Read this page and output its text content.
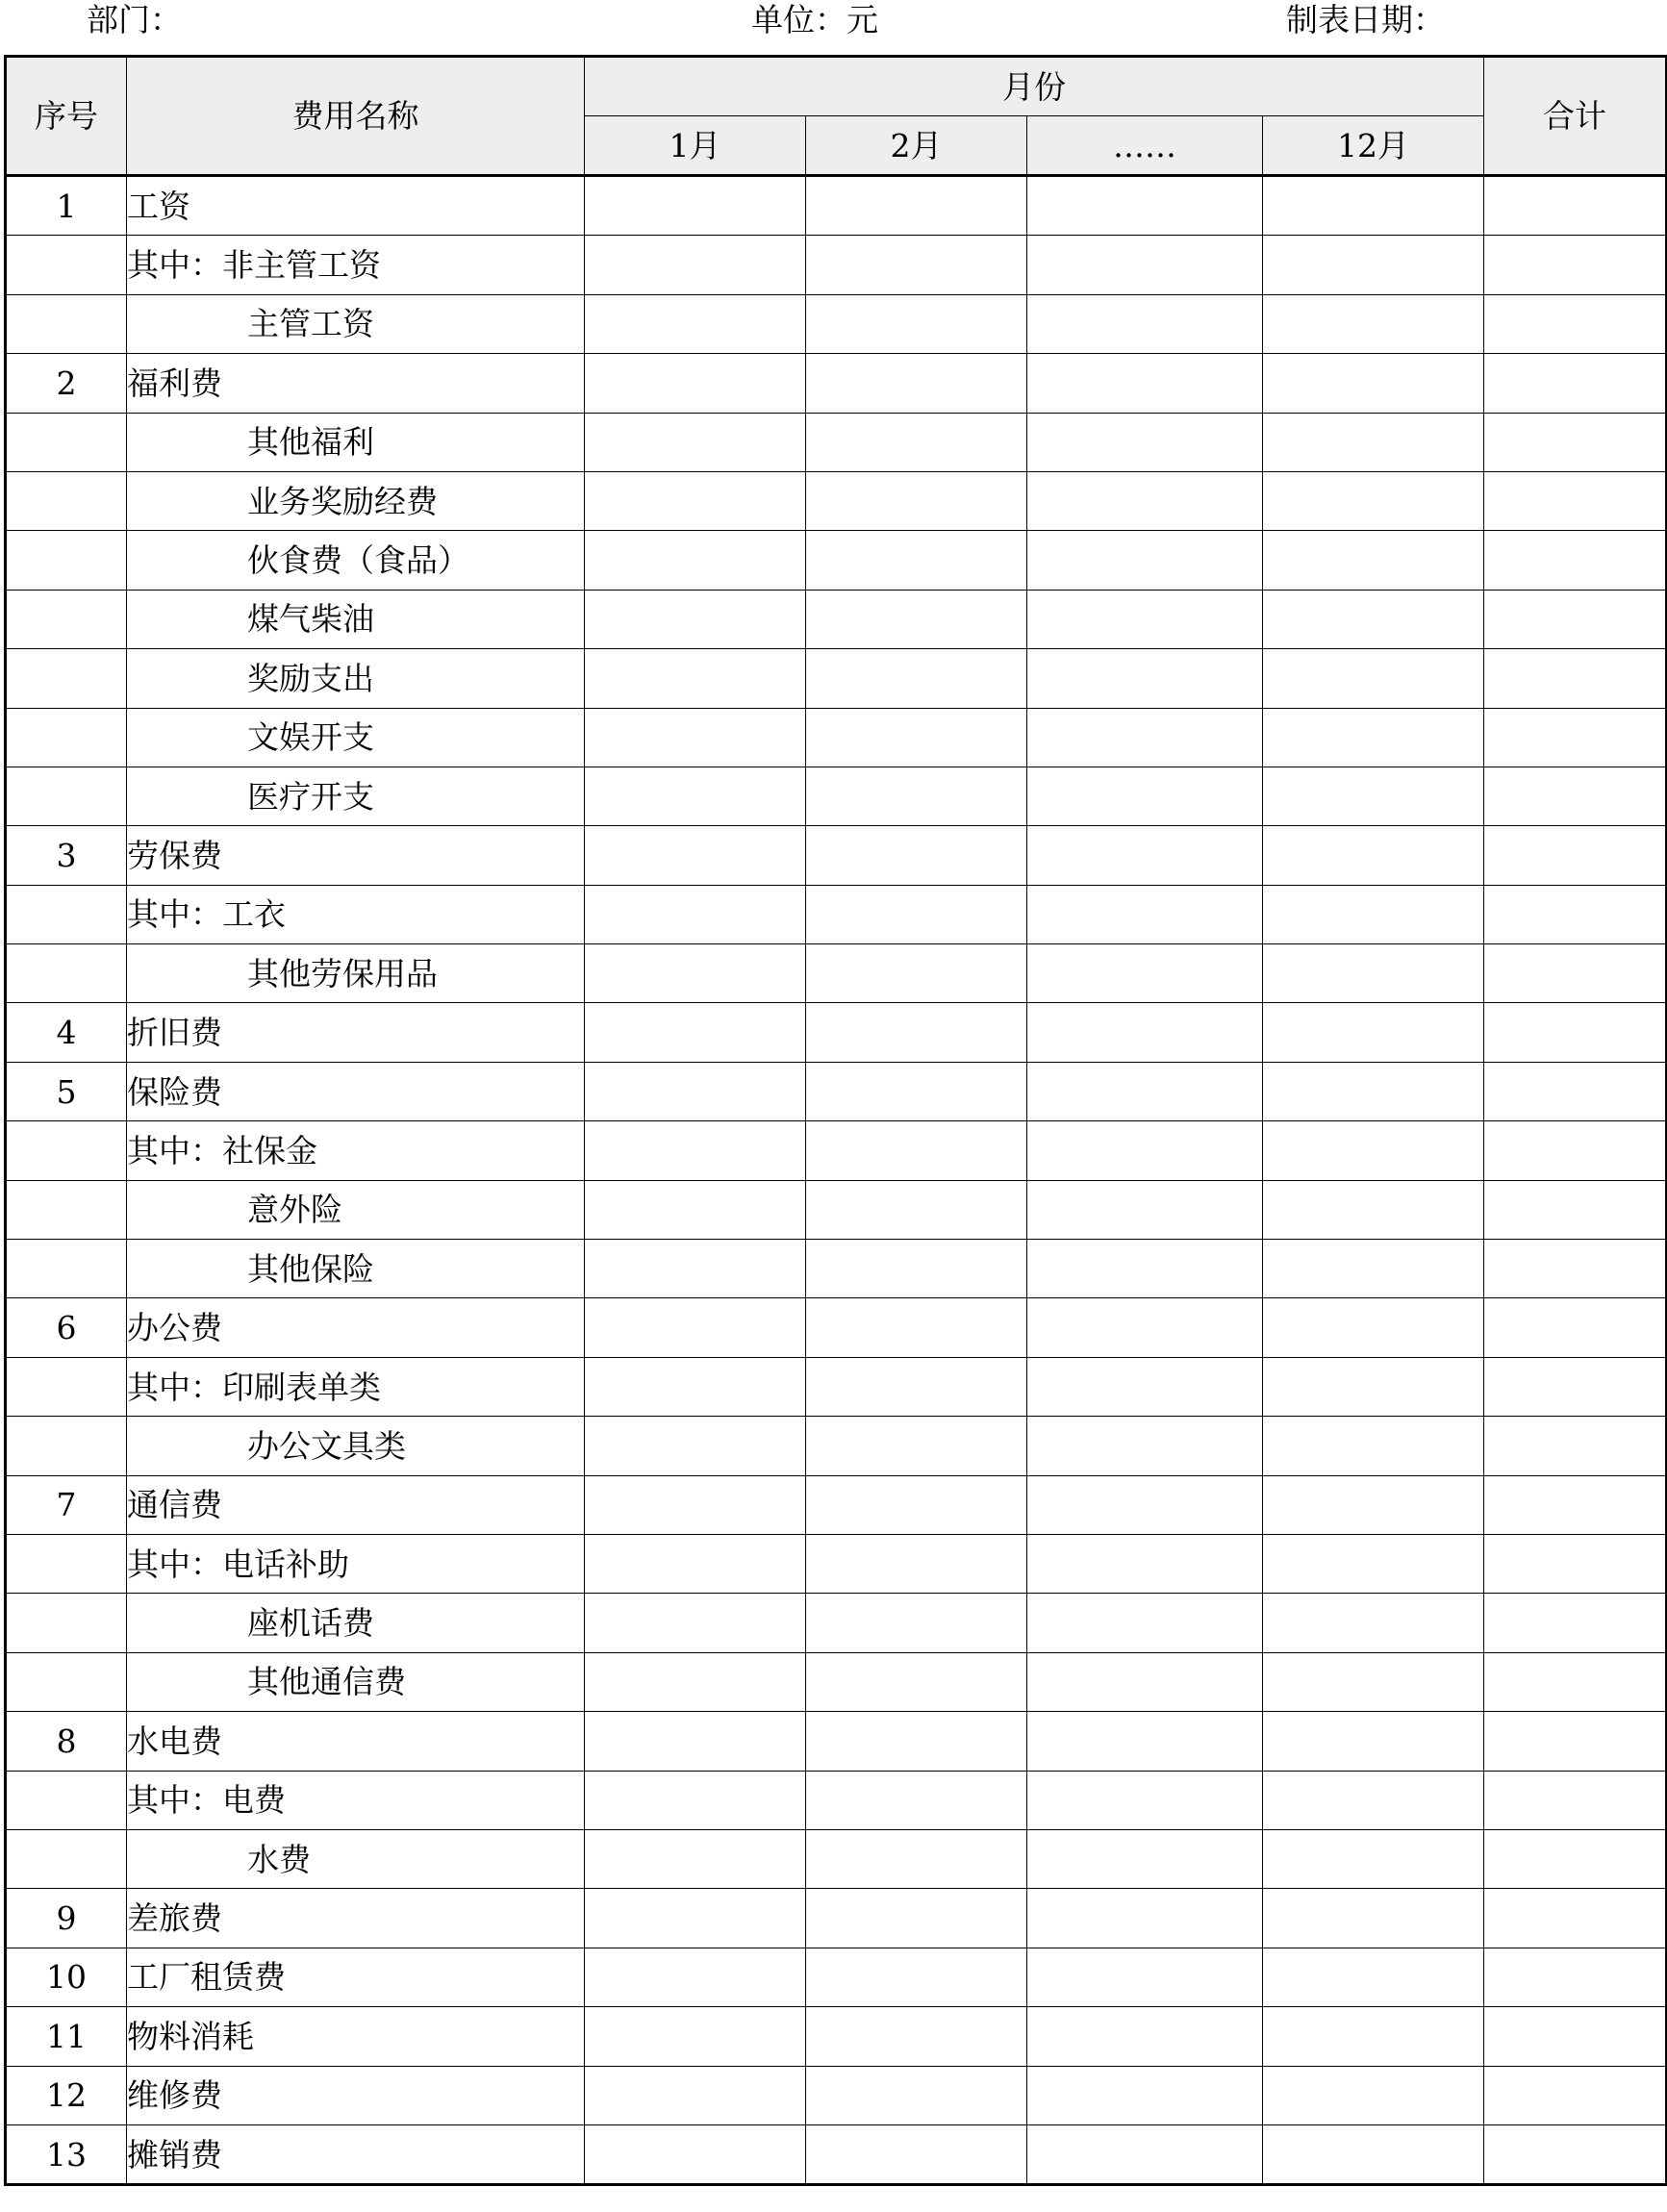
部门：	单位：元	制表日期：
序号	费用名称	月份				合计
		1月	2月	……	12月	
1	工资					
	其中：非主管工资					
	主管工资					
2	福利费					
	其他福利					
	业务奖励经费					
	伙食费（食品）					
	煤气柴油					
	奖励支出					
	文娱开支					
	医疗开支					
3	劳保费					
	其中：工衣					
	其他劳保用品					
4	折旧费					
5	保险费					
	其中：社保金					
	意外险					
	其他保险					
6	办公费					
	其中：印刷表单类					
	办公文具类					
7	通信费					
	其中：电话补助					
	座机话费					
	其他通信费					
8	水电费					
	其中：电费					
	水费					
9	差旅费					
10	工厂租赁费					
11	物料消耗					
12	维修费					
13	摊销费					
